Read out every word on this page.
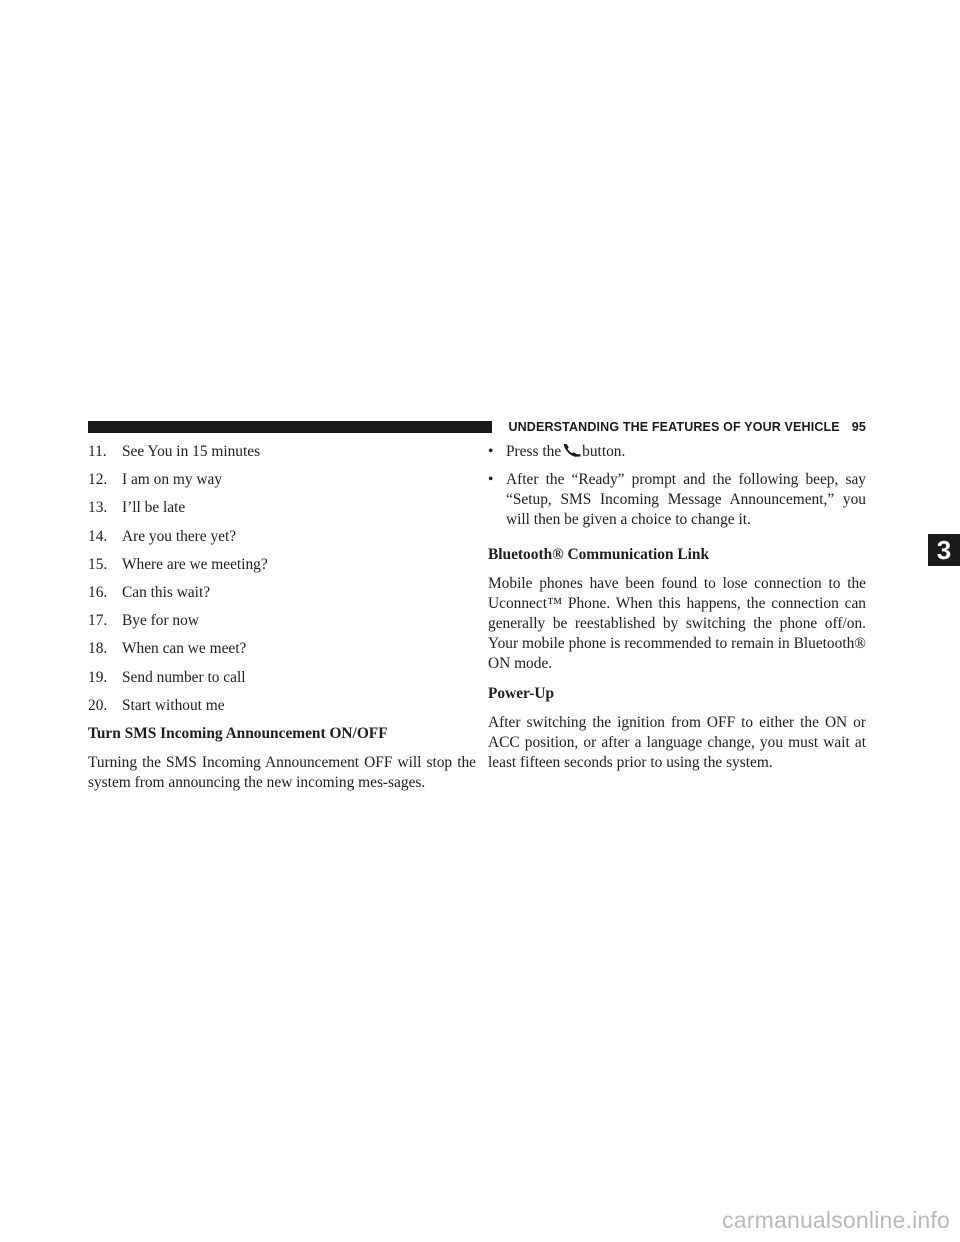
UNDERSTANDING THE FEATURES OF YOUR VEHICLE 95

11. See You in 15 minutes

12. I am on my way

13. I’ll be late

14. Are you there yet?

15. Where are we meeting?

16. Can this wait?

17. Bye for now

18. When can we meet?

19. Send number to call

20. Start without me

Turn SMS Incoming Announcement ON/OFF

Turning the SMS Incoming Announcement OFF will stop the system from announcing the new incoming mes-sages.

• Press the button.

• After the “Ready” prompt and the following beep, say “Setup, SMS Incoming Message Announcement,” you will then be given a choice to change it.

Bluetooth® Communication Link

Mobile phones have been found to lose connection to the Uconnect™ Phone. When this happens, the connection can generally be reestablished by switching the phone off/on. Your mobile phone is recommended to remain in Bluetooth® ON mode.

Power-Up

After switching the ignition from OFF to either the ON or ACC position, or after a language change, you must wait at least fifteen seconds prior to using the system.

3
carmanualsonline.info
